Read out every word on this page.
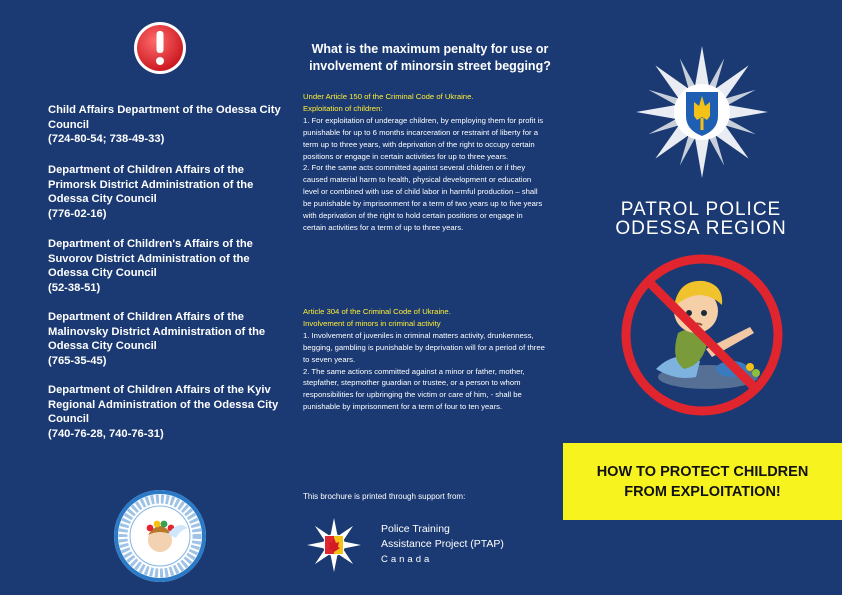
Child Affairs Department of the Odessa City Council
(724-80-54; 738-49-33)
Department of Children Affairs of the Primorsk District Administration of the Odessa City Council
(776-02-16)
Department of Children's Affairs of the Suvorov District Administration of the Odessa City Council
(52-38-51)
Department of Children Affairs of the Malinovsky District Administration of the Odessa City Council
(765-35-45)
Department of Children Affairs of the Kyiv Regional Administration of the Odessa City Council
(740-76-28, 740-76-31)
What is the maximum penalty for use or involvement of minorsin street begging?
Under Article 150 of the Criminal Code of Ukraine.
Exploitation of children:
1. For exploitation of underage children, by employing them for profit is punishable for up to 6 months incarceration or restraint of liberty for a term up to three years, with deprivation of the right to occupy certain positions or engage in certain activities for up to three years.
2. For the same acts committed against several children or if they caused material harm to health, physical development or education level or combined with use of child labor in harmful production – shall be punishable by imprisonment for a term of two years up to five years with deprivation of the right to hold certain positions or engage in certain activities for a term of up to three years.
Article 304 of the Criminal Code of Ukraine.
Involvement of minors in criminal activity
1. Involvement of juveniles in criminal matters activity, drunkenness, begging, gambling is punishable by deprivation will for a period of three to seven years.
2. The same actions committed against a minor or father, mother, stepfather, stepmother guardian or trustee, or a person to whom responsibilities for upbringing the victim or care of him, - shall be punishable by imprisonment for a term of four to ten years.
This brochure is printed through support from:
Police Training
Assistance Project (PTAP)
Canada
PATROL POLICE
ODESSA REGION
HOW TO PROTECT CHILDREN
FROM EXPLOITATION!
